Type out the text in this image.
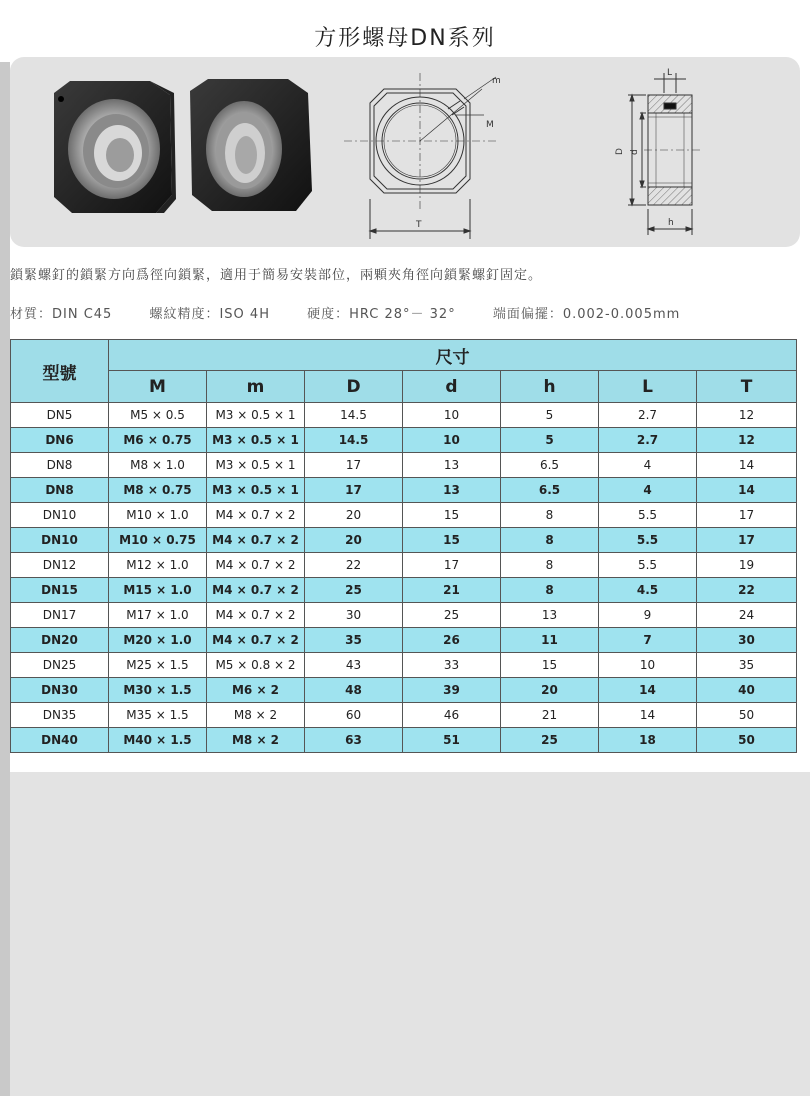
方形螺母DN系列
m
M
T
L
D d
h
鎖緊螺釘的鎖緊方向爲徑向鎖緊，適用于簡易安裝部位，兩顆夾角徑向鎖緊螺釘固定。
材質：DIN C45	螺紋精度：ISO 4H	硬度：HRC 28°－ 32°	端面偏擺：0.002-0.005mm
型號	尺寸						
	M	m	D	d	h	L	T
DN5	M5 × 0.5	M3 × 0.5 × 1	14.5	10	5	2.7	12
DN6	M6 × 0.75	M3 × 0.5 × 1	14.5	10	5	2.7	12
DN8	M8 × 1.0	M3 × 0.5 × 1	17	13	6.5	4	14
DN8	M8 × 0.75	M3 × 0.5 × 1	17	13	6.5	4	14
DN10	M10 × 1.0	M4 × 0.7 × 2	20	15	8	5.5	17
DN10	M10 × 0.75	M4 × 0.7 × 2	20	15	8	5.5	17
DN12	M12 × 1.0	M4 × 0.7 × 2	22	17	8	5.5	19
DN15	M15 × 1.0	M4 × 0.7 × 2	25	21	8	4.5	22
DN17	M17 × 1.0	M4 × 0.7 × 2	30	25	13	9	24
DN20	M20 × 1.0	M4 × 0.7 × 2	35	26	11	7	30
DN25	M25 × 1.5	M5 × 0.8 × 2	43	33	15	10	35
DN30	M30 × 1.5	M6 × 2	48	39	20	14	40
DN35	M35 × 1.5	M8 × 2	60	46	21	14	50
DN40	M40 × 1.5	M8 × 2	63	51	25	18	50
